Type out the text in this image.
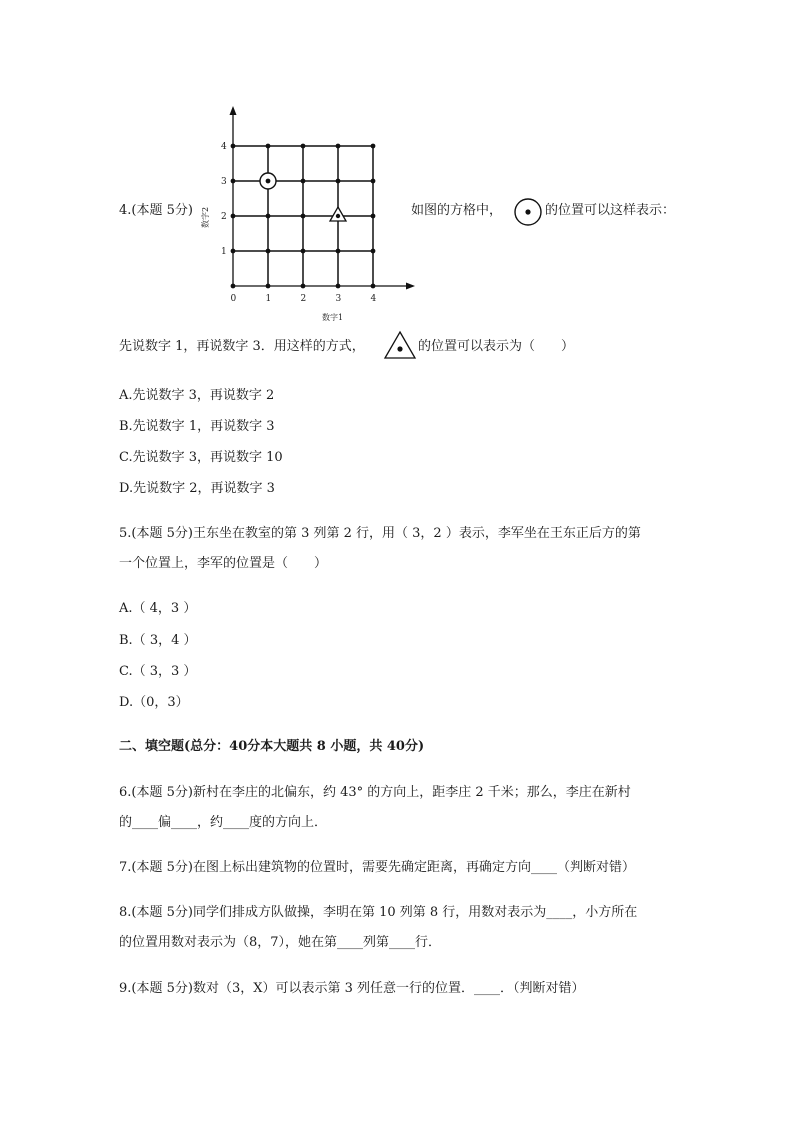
4.(本题 5分)
0	1	2	3	4
1
2
3
4
数字1
数字2	如图的方格中，	的位置可以这样表示：
先说数字 1，再说数字 3．用这样的方式，	的位置可以表示为（　　）
A.先说数字 3，再说数字 2
B.先说数字 1，再说数字 3
C.先说数字 3，再说数字 10
D.先说数字 2，再说数字 3
5.(本题 5分)王东坐在教室的第 3 列第 2 行，用（ 3，2 ）表示，李军坐在王东正后方的第
一个位置上，李军的位置是（　　）
A.（ 4，3 ）
B.（ 3，4 ）
C.（ 3，3 ）
D.（0，3）
二、填空题(总分：40分本大题共 8 小题，共 40分)
6.(本题 5分)新村在李庄的北偏东，约 43° 的方向上，距李庄 2 千米；那么，李庄在新村
的____偏____，约____度的方向上．
7.(本题 5分)在图上标出建筑物的位置时，需要先确定距离，再确定方向____（判断对错）
8.(本题 5分)同学们排成方队做操，李明在第 10 列第 8 行，用数对表示为____，小方所在
的位置用数对表示为（8，7），她在第____列第____行．
9.(本题 5分)数对（3，X）可以表示第 3 列任意一行的位置．____．（判断对错）
